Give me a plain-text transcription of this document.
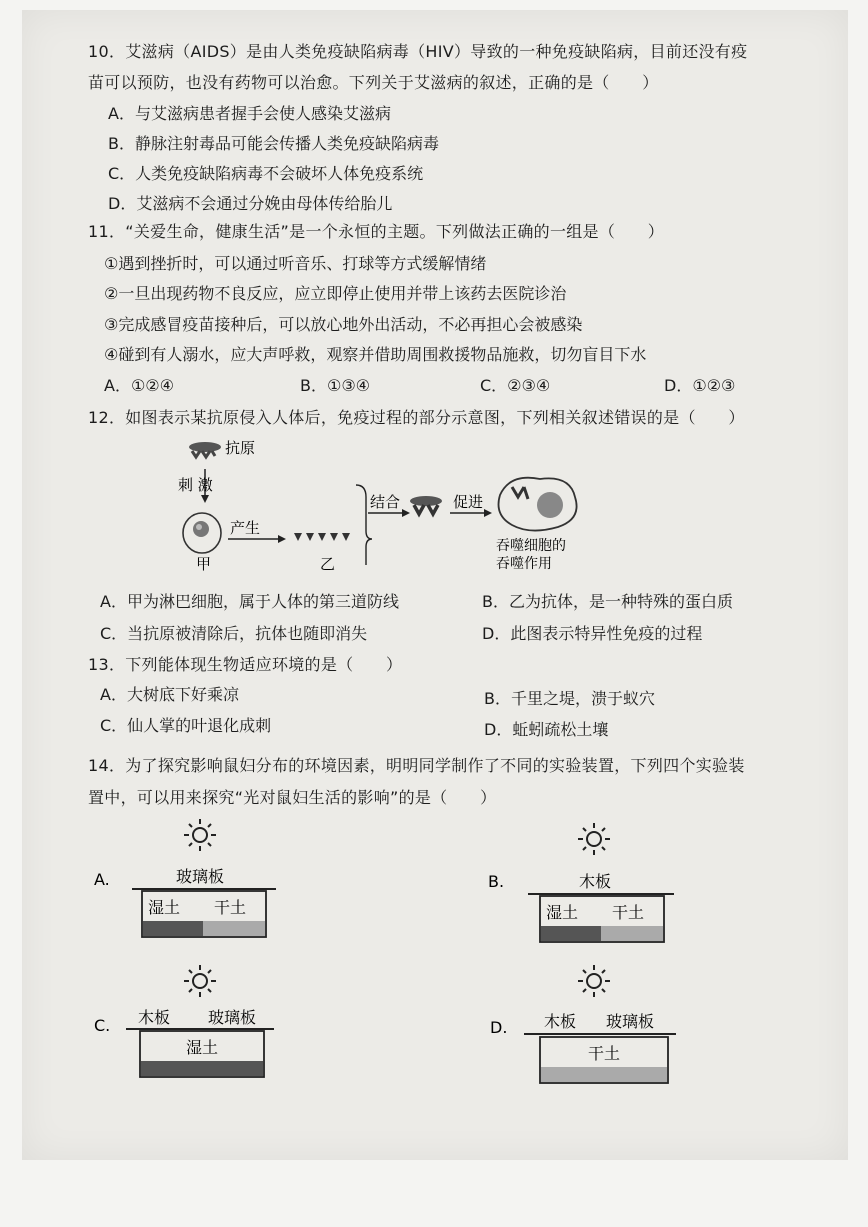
10．艾滋病（AIDS）是由人类免疫缺陷病毒（HIV）导致的一种免疫缺陷病，目前还没有疫
苗可以预防，也没有药物可以治愈。下列关于艾滋病的叙述，正确的是（　　）
A．与艾滋病患者握手会使人感染艾滋病
B．静脉注射毒品可能会传播人类免疫缺陷病毒
C．人类免疫缺陷病毒不会破坏人体免疫系统
D．艾滋病不会通过分娩由母体传给胎儿
11．“关爱生命，健康生活”是一个永恒的主题。下列做法正确的一组是（　　）
①遇到挫折时，可以通过听音乐、打球等方式缓解情绪
②一旦出现药物不良反应，应立即停止使用并带上该药去医院诊治
③完成感冒疫苗接种后，可以放心地外出活动，不必再担心会被感染
④碰到有人溺水，应大声呼救，观察并借助周围救援物品施救，切勿盲目下水
A．①②④	B．①③④	C．②③④	D．①②③
12．如图表示某抗原侵入人体后，免疫过程的部分示意图，下列相关叙述错误的是（　　）
抗原
刺 激
甲
产生
乙
结合	促进
吞噬细胞的
吞噬作用
A．甲为淋巴细胞，属于人体的第三道防线	B．乙为抗体，是一种特殊的蛋白质
C．当抗原被清除后，抗体也随即消失	D．此图表示特异性免疫的过程
13．下列能体现生物适应环境的是（　　）
A．大树底下好乘凉	B．千里之堤，溃于蚁穴
C．仙人掌的叶退化成刺	D．蚯蚓疏松土壤
14．为了探究影响鼠妇分布的环境因素，明明同学制作了不同的实验装置，下列四个实验装
置中，可以用来探究“光对鼠妇生活的影响”的是（　　）
A.	玻璃板
湿土 干土
B.	木板
湿土 干土
C. 木板 玻璃板
湿土
D. 木板 玻璃板
干土
